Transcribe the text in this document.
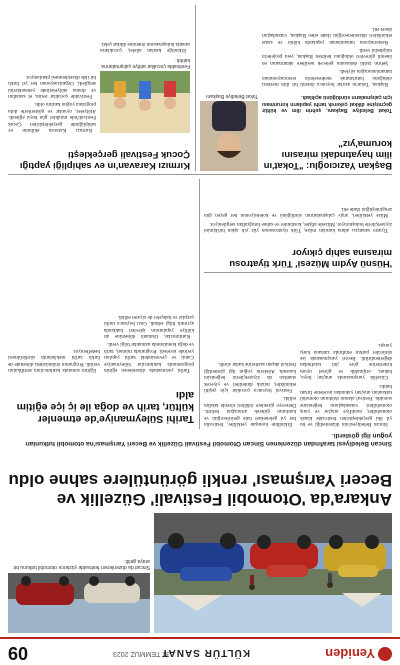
Yeniden
KÜLTÜR SANAT
31 TEMMUZ 2023
09
Sincan'da düzenlenen festivalde yüzlerce otomobil tutkunu bir araya geldi.
Ankara'da 'Otomobil Festivali' Güzellik ve Beceri Yarışması' renkli görüntülere sahne oldu
Sincan Belediyesi tarafından düzenlenen Sincan Otomobil Festivali Güzellik ve Beceri Yarışması'na otomobil tutkunları yoğun ilgi gösterdi.

Sincan Belediyesi'nin düzenlediği ve bu yıl ilki gerçekleştirilen festivalde klasik otomobiller, modifiye araçlar ve yarış otomobilleri vatandaşların beğenisine sunuldu. Festival alanını dolduran otomobil tutkunları araçları yakından inceleme fırsatı buldu.

Güzellik yarışmasında araçlar; boya, bakım, orijinallik ve görsel uyum kriterlerine göre jüri tarafından değerlendirildi. Beceri yarışmasında ise sürücüler parkur etrafında zamana karşı yarıştı.

Etkinlikte konuşan yetkililer, festivalin her yıl geleneksel hale getirileceğini ve katılımın giderek artacağını belirtti. Dereceye girenlere ödülleri törenle takdim edildi.

Festival boyunca çocuklar için çeşitli etkinlikler, müzik dinletileri ve yiyecek stantları da ziyaretçilerin beğenisini kazandı. Ailelerin yoğun ilgi gösterdiği festival akşam saatlerine kadar sürdü.

Tarihi Süleymaniye'de etmenler kültür, tarih ve doğa ile iç içe eğitim aldı

Tarihi yarımadada düzenlenen eğitim programında katılımcılar Süleymaniye Camii ve çevresindeki tarihi yapıları yerinde inceledi. Programda mimari, tarih ve doğa konularında uzmanlar bilgi verdi.

Katılımcılar, Osmanlı dönemine ait külliye yapılarının işlevleri hakkında ayrıntılı bilgi edindi. Gezi boyunca tarihi çarşılar ve bahçeler de ziyaret edildi.

Eğitim sonunda katılımcılara sertifikaları verildi. Programın önümüzdeki dönemde de farklı tarihi mekânlarda sürdürülmesi hedefleniyor.

'Hüsnü Aydın Müzesi' Türk tiyatrosu mirasına sahip çıkıyor

Tiyatro sanatçısı adına kurulan müze, Türk tiyatrosunun yüz yılı aşkın birikimini ziyaretçilerle buluşturuyor. Müzede afişler, kostümler ve sahne fotoğrafları sergileniyor.

Müze yetkilileri, arşiv çalışmalarının sürdüğünü ve koleksiyonun her geçen gün zenginleştiğini ifade etti.

Başkan Yazıcıoğlu: "Tokat'ın ilim hayatındaki mirasını koruma'yız"
Tokat Belediye Başkanı, şehrin ilim ve kültür geçmişine dikkat çekerek tarihi yapıların korunması için çalışmaların sürdüğünü açıkladı.

Başkan, Tokat'ın asırlar boyunca önemli bir ilim merkezi olduğunu hatırlatarak medreselerin restorasyonunun tamamlanacağını söyledi.

Şehrin tarihi dokusunu gelecek nesillere aktarmanın en önemli görevleri olduğunu belirten Başkan, yeni projelerin müjdesini verdi.

Restorasyonu tamamlanan yapılarda kültür ve sanat etkinlikleri düzenleneceğini ifade eden Başkan, vatandaşları davet etti.

Tokat Belediye Başkanı
Kırmızı Karavan'ın ev sahipliği yaptığı Çocuk Festivali gerçekleşti
Festivalde çocuklar atölye çalışmalarına katıldı.

Kırmızı Karavan ekibinin ev sahipliğinde gerçekleştirilen Çocuk Festivali'nde minikler gün boyu eğlendi. Atölyeler, oyunlar ve gösterilerle dolu programa yoğun katılım oldu.

Festivalde çocuklar resim, el sanatları ve drama atölyelerinde yeteneklerini sergiledi. Organizasyonun her yıl farklı bir ilde düzenlenmesi planlanıyor.

Etkinliğe katılan aileler, çocukların sanatla buluşmasının önemine dikkat çekti.
